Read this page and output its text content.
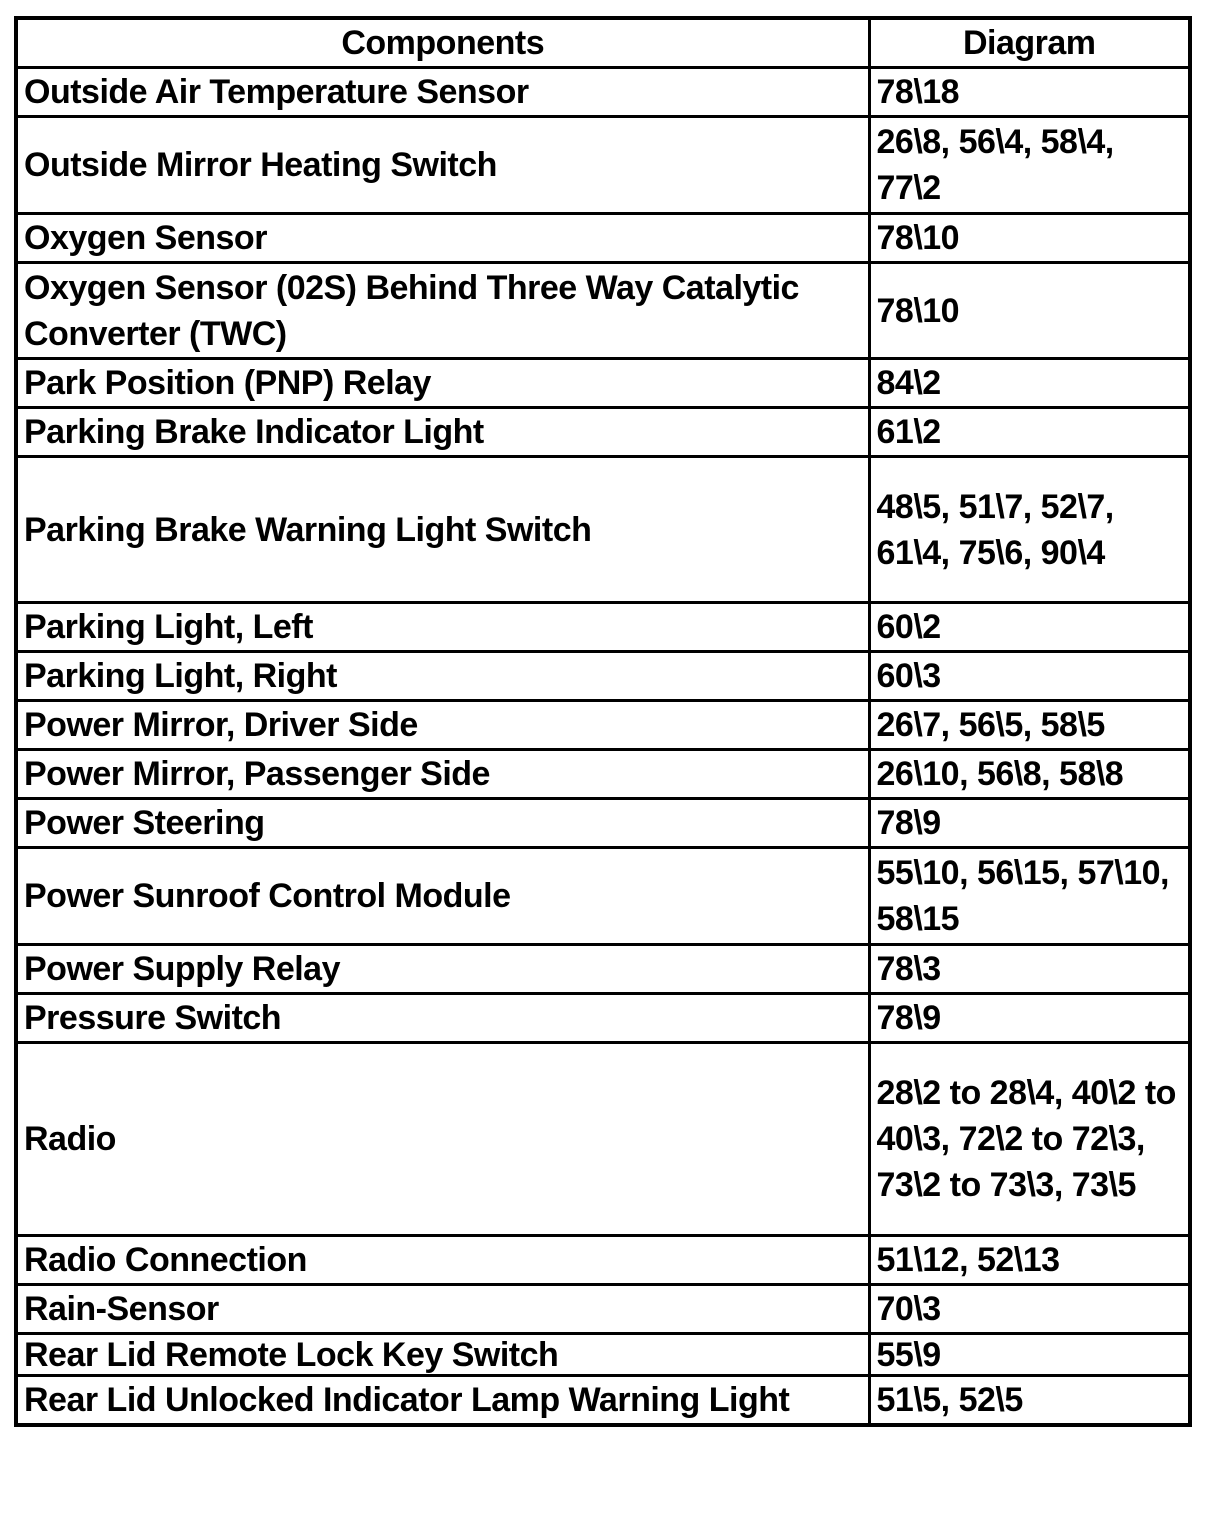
Components	Diagram
Outside Air Temperature Sensor	78\18
Outside Mirror Heating Switch	26\8, 56\4, 58\4, 77\2
Oxygen Sensor	78\10
Oxygen Sensor (02S) Behind Three Way Catalytic Converter (TWC)	78\10
Park Position (PNP) Relay	84\2
Parking Brake Indicator Light	61\2
Parking Brake Warning Light Switch	48\5, 51\7, 52\7, 61\4, 75\6, 90\4
Parking Light, Left	60\2
Parking Light, Right	60\3
Power Mirror, Driver Side	26\7, 56\5, 58\5
Power Mirror, Passenger Side	26\10, 56\8, 58\8
Power Steering	78\9
Power Sunroof Control Module	55\10, 56\15, 57\10, 58\15
Power Supply Relay	78\3
Pressure Switch	78\9
Radio	28\2 to 28\4, 40\2 to 40\3, 72\2 to 72\3, 73\2 to 73\3, 73\5
Radio Connection	51\12, 52\13
Rain-Sensor	70\3
Rear Lid Remote Lock Key Switch	55\9
Rear Lid Unlocked Indicator Lamp Warning Light	51\5, 52\5
